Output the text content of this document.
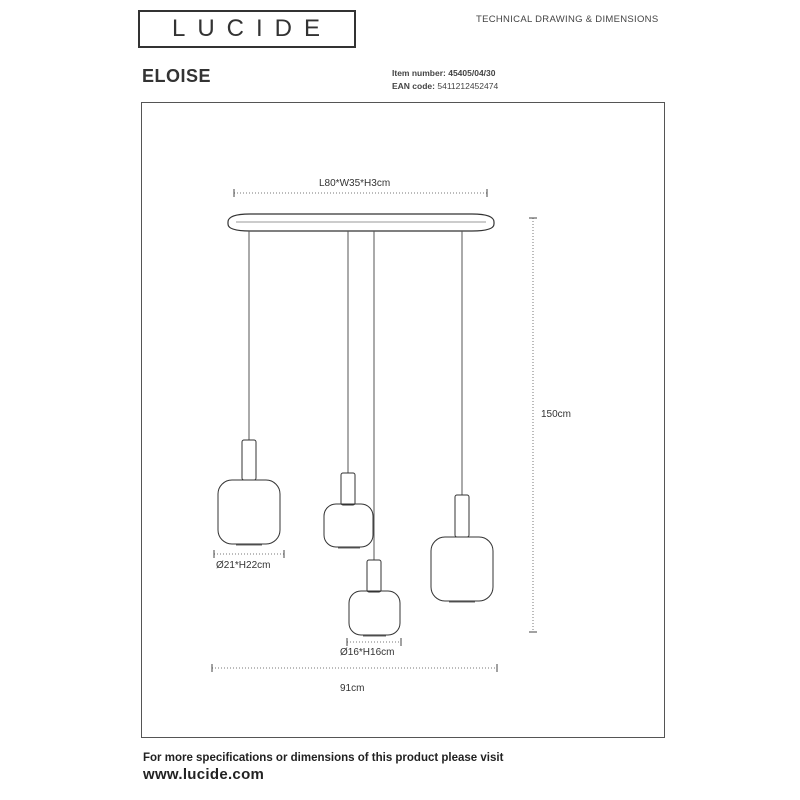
LUCIDE	TECHNICAL DRAWING & DIMENSIONS
ELOISE	Item number: 45405/04/30
EAN code: 5411212452474
L80*W35*H3cm
150cm
Ø21*H22cm
Ø16*H16cm
91cm
For more specifications or dimensions of this product please visit
www.lucide.com
